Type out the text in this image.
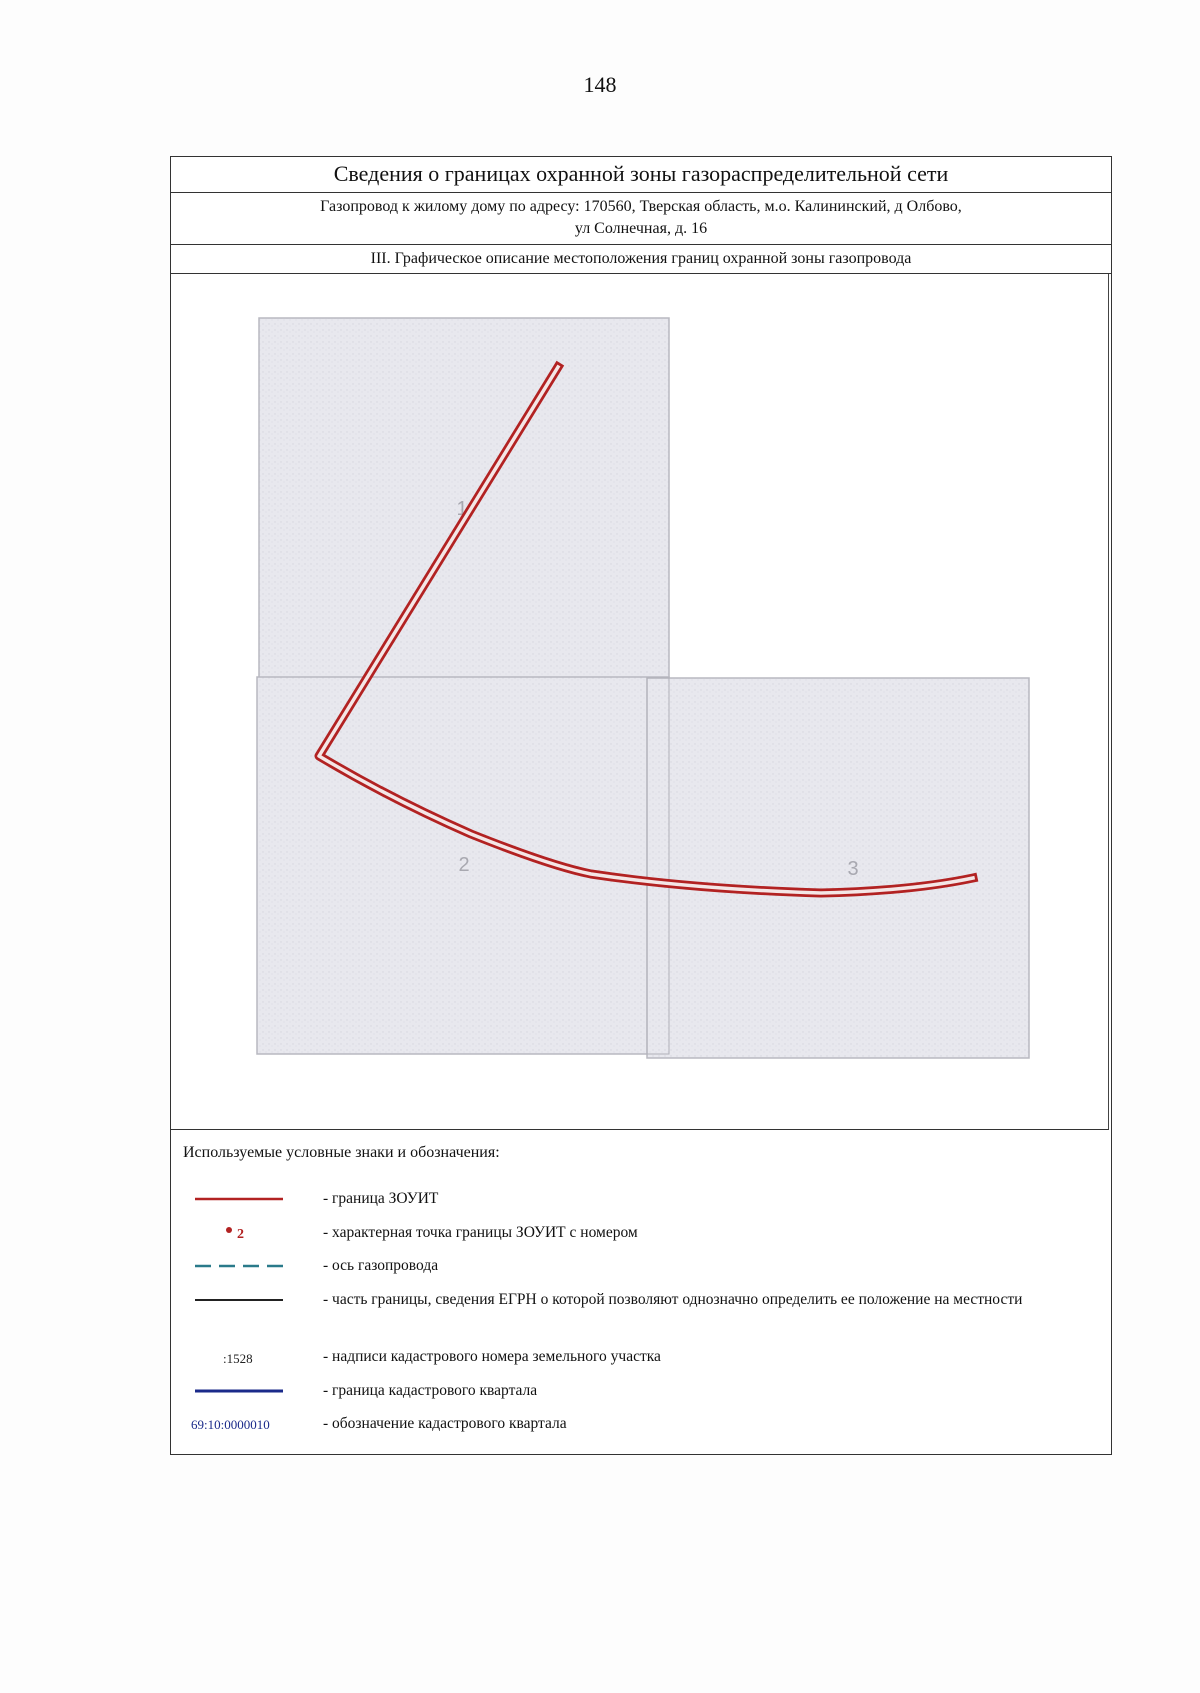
148
Сведения о границах охранной зоны газораспределительной сети
Газопровод к жилому дому по адресу: 170560, Тверская область, м.о. Калининский, д Олбово,
ул Солнечная, д. 16
III. Графическое описание местоположения границ охранной зоны газопровода
1
2	3
Используемые условные знаки и обозначения:
- граница ЗОУИТ
2	- характерная точка границы ЗОУИТ с номером
- ось газопровода
- часть границы, сведения ЕГРН о которой позволяют однозначно определить ее положение на местности
:1528	- надписи кадастрового номера земельного участка
- граница кадастрового квартала
69:10:0000010	- обозначение кадастрового квартала
